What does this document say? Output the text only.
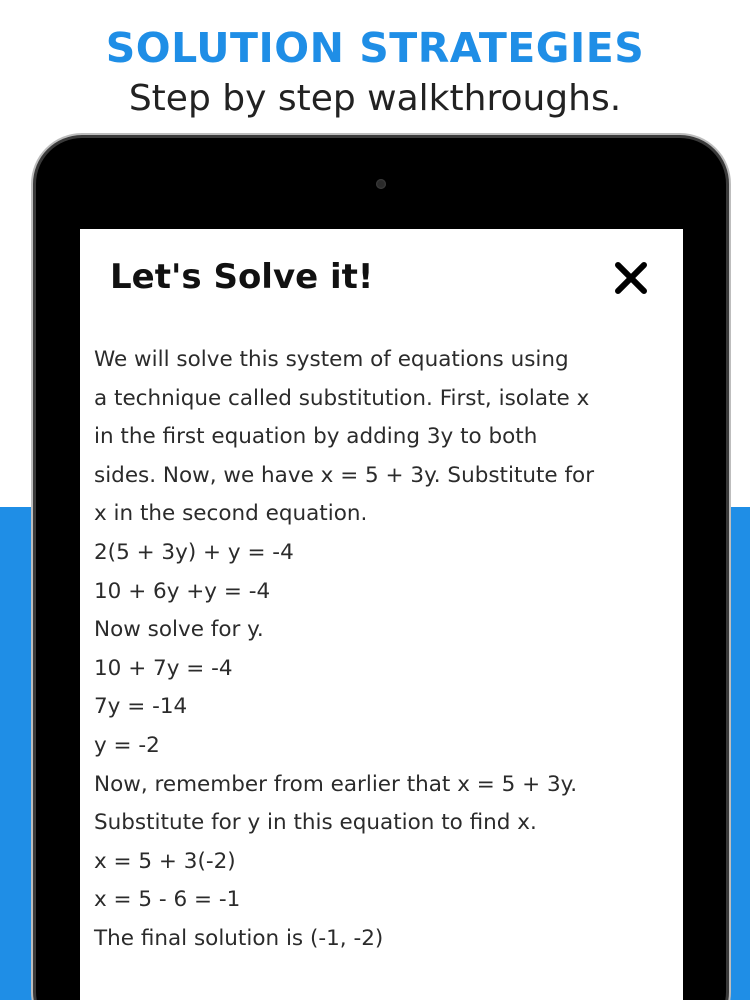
SOLUTION STRATEGIES
Step by step walkthroughs.
Let's Solve it!
We will solve this system of equations using
a technique called substitution. First, isolate x
in the first equation by adding 3y to both
sides. Now, we have x = 5 + 3y. Substitute for
x in the second equation.
2(5 + 3y) + y = -4
10 + 6y +y = -4
Now solve for y.
10 + 7y = -4
7y = -14
y = -2
Now, remember from earlier that x = 5 + 3y.
Substitute for y in this equation to find x.
x = 5 + 3(-2)
x = 5 - 6 = -1
The final solution is (-1, -2)
